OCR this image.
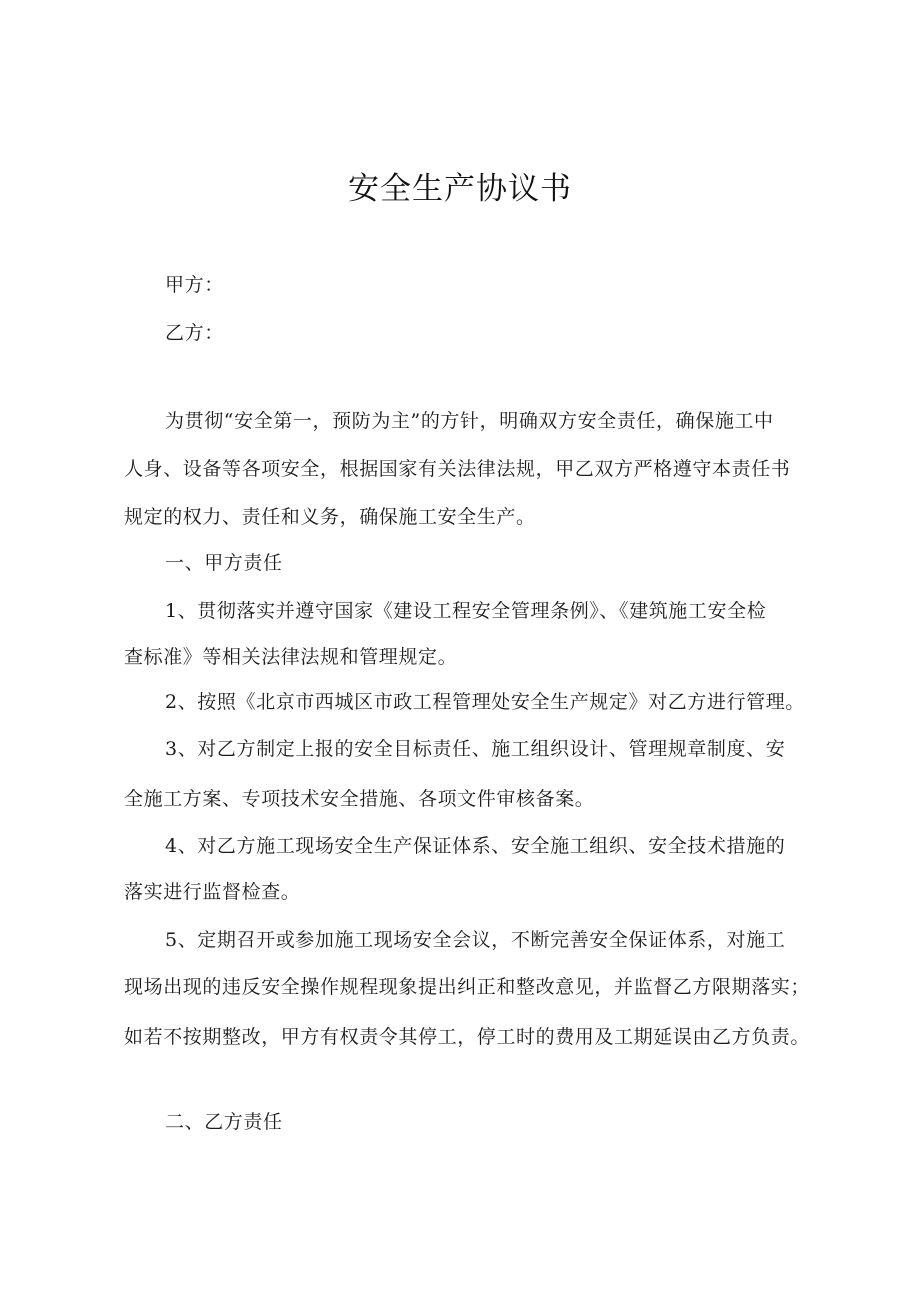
安全生产协议书
甲方：
乙方：
为贯彻“安全第一，预防为主”的方针，明确双方安全责任，确保施工中
人身、设备等各项安全，根据国家有关法律法规，甲乙双方严格遵守本责任书
规定的权力、责任和义务，确保施工安全生产。
一、甲方责任
1、贯彻落实并遵守国家《建设工程安全管理条例》、《建筑施工安全检
查标准》等相关法律法规和管理规定。
2、按照《北京市西城区市政工程管理处安全生产规定》对乙方进行管理。
3、对乙方制定上报的安全目标责任、施工组织设计、管理规章制度、安
全施工方案、专项技术安全措施、各项文件审核备案。
4、对乙方施工现场安全生产保证体系、安全施工组织、安全技术措施的
落实进行监督检查。
5、定期召开或参加施工现场安全会议，不断完善安全保证体系，对施工
现场出现的违反安全操作规程现象提出纠正和整改意见，并监督乙方限期落实；
如若不按期整改，甲方有权责令其停工，停工时的费用及工期延误由乙方负责。
二、乙方责任
